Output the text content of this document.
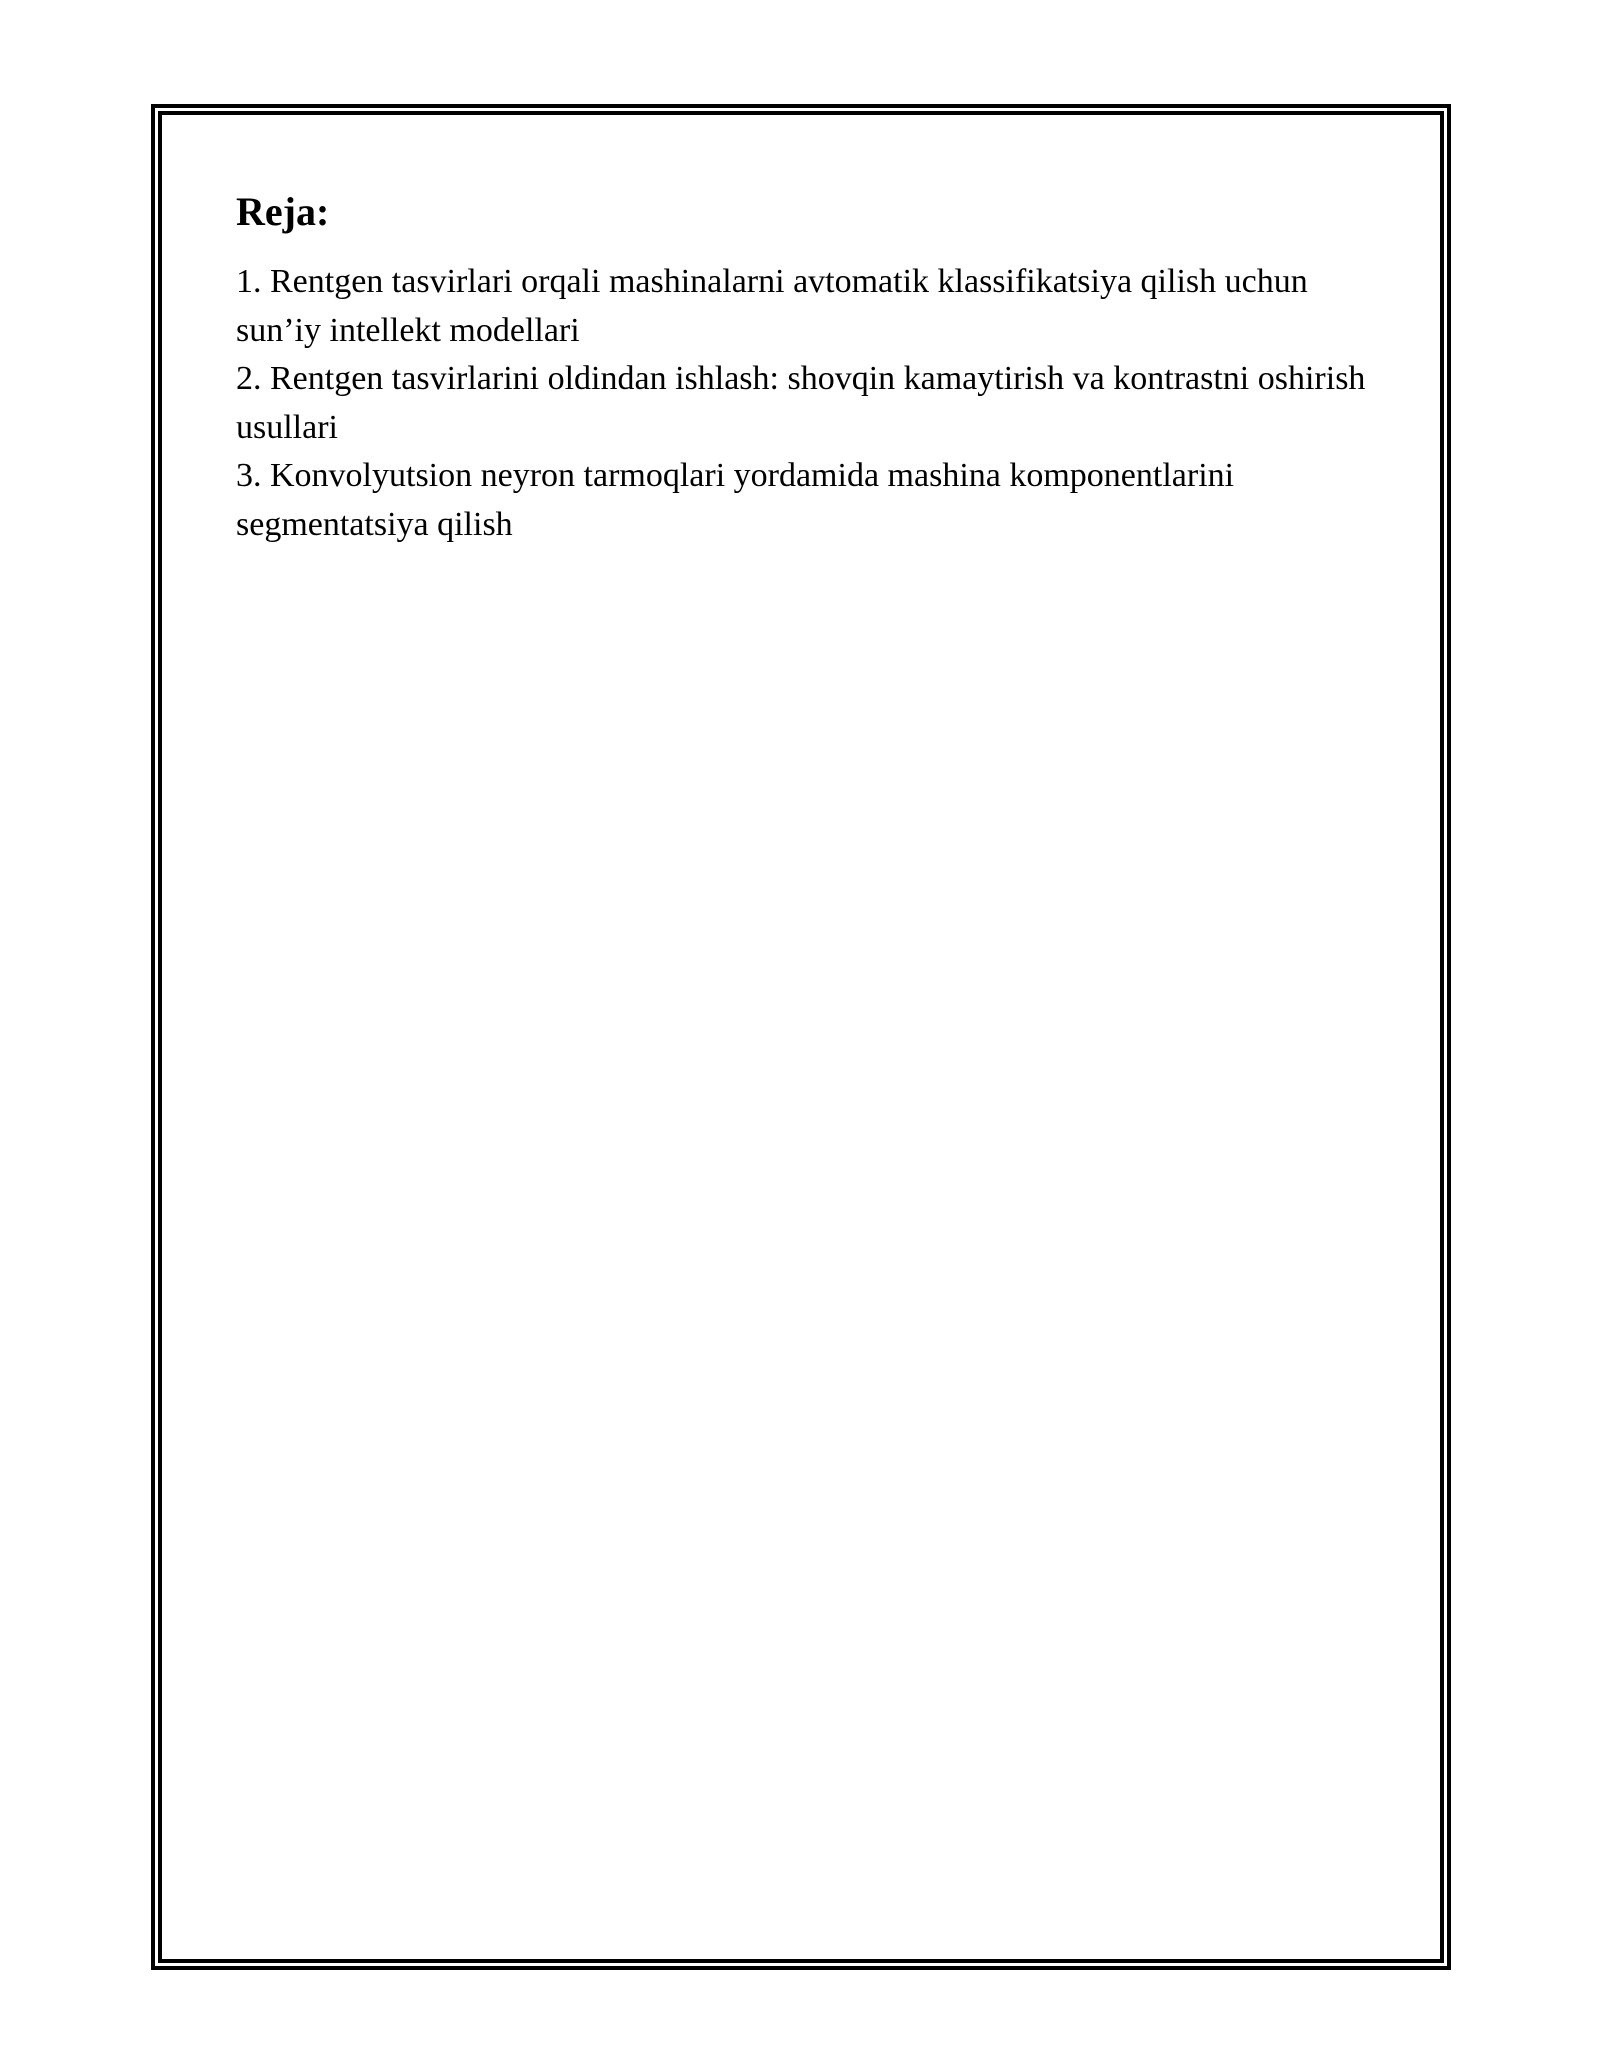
Reja:
1. Rentgen tasvirlari orqali mashinalarni avtomatik klassifikatsiya qilish uchun sun’iy intellekt modellari
2. Rentgen tasvirlarini oldindan ishlash: shovqin kamaytirish va kontrastni oshirish usullari
3. Konvolyutsion neyron tarmoqlari yordamida mashina komponentlarini segmentatsiya qilish
